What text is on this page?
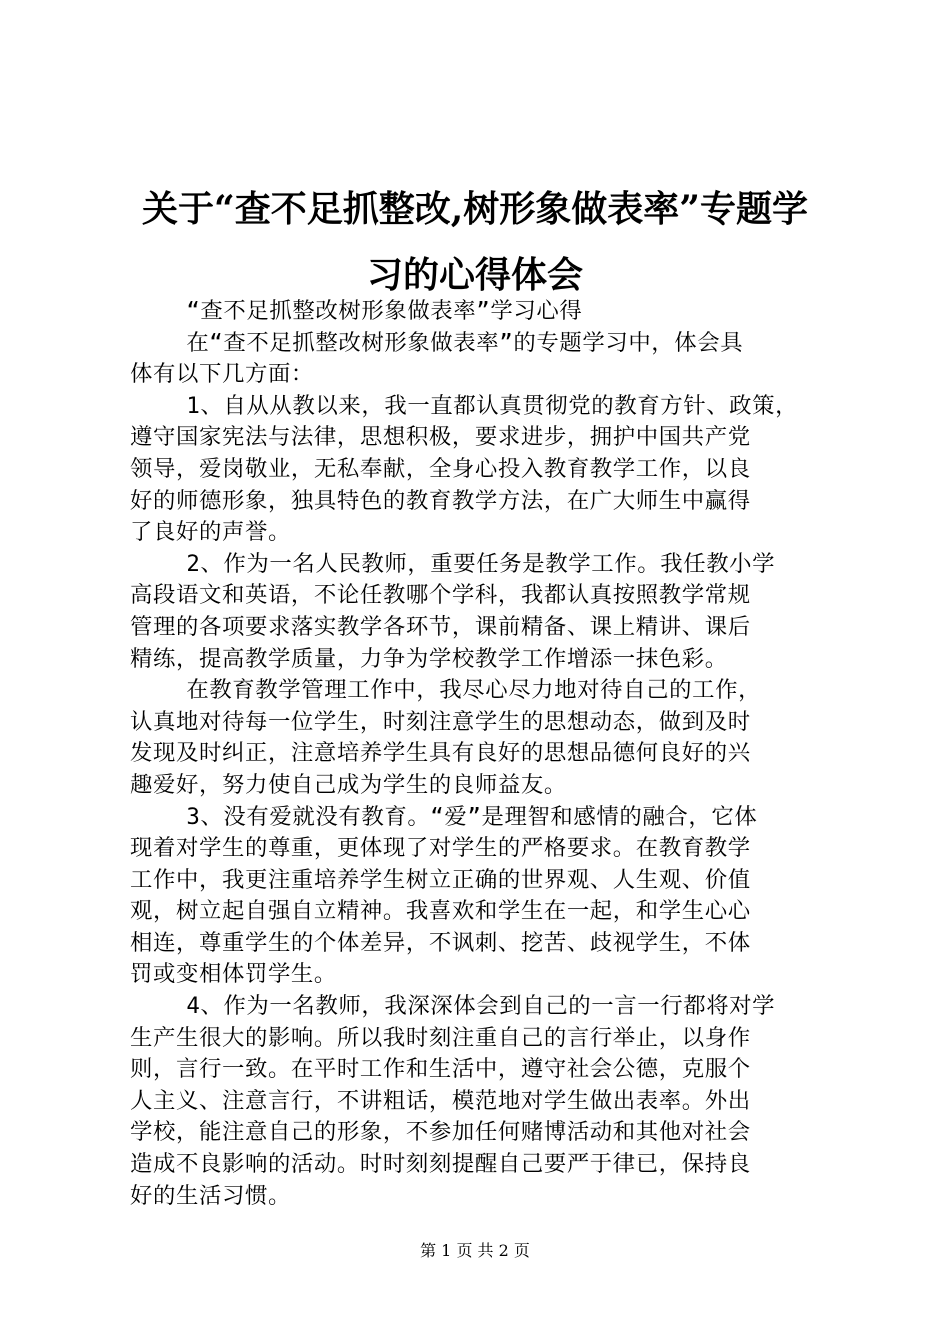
关于“查不足抓整改,树形象做表率”专题学
习的心得体会
“查不足抓整改树形象做表率”学习心得
在“查不足抓整改树形象做表率”的专题学习中，体会具
体有以下几方面：
1、自从从教以来，我一直都认真贯彻党的教育方针、政策，
遵守国家宪法与法律，思想积极，要求进步，拥护中国共产党
领导，爱岗敬业，无私奉献，全身心投入教育教学工作，以良
好的师德形象，独具特色的教育教学方法，在广大师生中赢得
了良好的声誉。
2、作为一名人民教师，重要任务是教学工作。我任教小学
高段语文和英语，不论任教哪个学科，我都认真按照教学常规
管理的各项要求落实教学各环节，课前精备、课上精讲、课后
精练，提高教学质量，力争为学校教学工作增添一抹色彩。
在教育教学管理工作中，我尽心尽力地对待自己的工作，
认真地对待每一位学生，时刻注意学生的思想动态，做到及时
发现及时纠正，注意培养学生具有良好的思想品德何良好的兴
趣爱好，努力使自己成为学生的良师益友。
3、没有爱就没有教育。“爱”是理智和感情的融合，它体
现着对学生的尊重，更体现了对学生的严格要求。在教育教学
工作中，我更注重培养学生树立正确的世界观、人生观、价值
观，树立起自强自立精神。我喜欢和学生在一起，和学生心心
相连，尊重学生的个体差异，不讽刺、挖苦、歧视学生，不体
罚或变相体罚学生。
4、作为一名教师，我深深体会到自己的一言一行都将对学
生产生很大的影响。所以我时刻注重自己的言行举止，以身作
则，言行一致。在平时工作和生活中，遵守社会公德，克服个
人主义、注意言行，不讲粗话，模范地对学生做出表率。外出
学校，能注意自己的形象，不参加任何赌博活动和其他对社会
造成不良影响的活动。时时刻刻提醒自己要严于律已，保持良
好的生活习惯。
第 1 页 共 2 页
